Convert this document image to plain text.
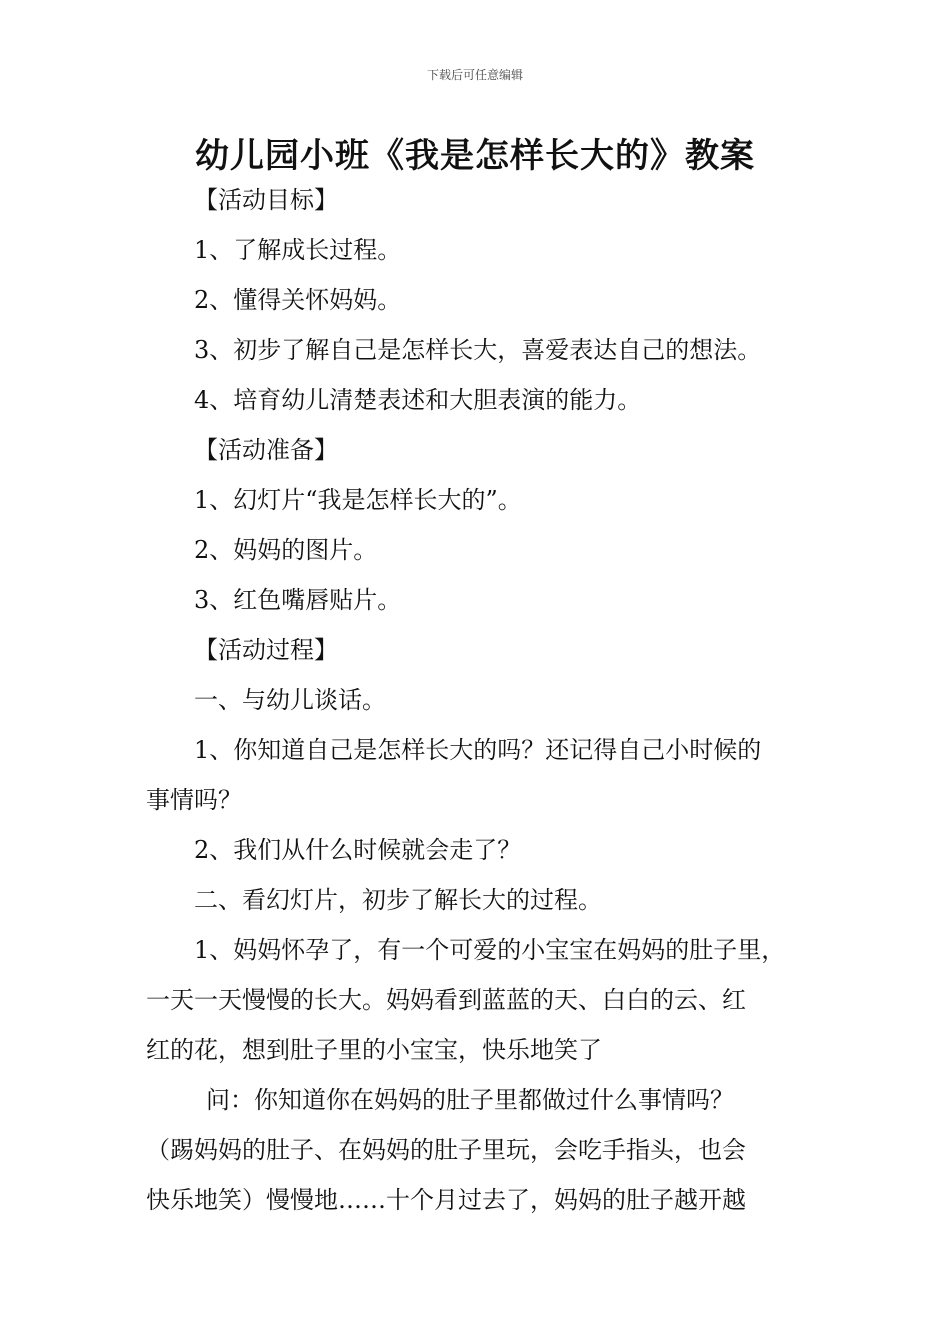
下载后可任意编辑
幼儿园小班《我是怎样长大的》教案
【活动目标】
1、了解成长过程。
2、懂得关怀妈妈。
3、初步了解自己是怎样长大，喜爱表达自己的想法。
4、培育幼儿清楚表述和大胆表演的能力。
【活动准备】
1、幻灯片“我是怎样长大的”。
2、妈妈的图片。
3、红色嘴唇贴片。
【活动过程】
一、与幼儿谈话。
1、你知道自己是怎样长大的吗？还记得自己小时候的
事情吗？
2、我们从什么时候就会走了？
二、看幻灯片，初步了解长大的过程。
1、妈妈怀孕了，有一个可爱的小宝宝在妈妈的肚子里，
一天一天慢慢的长大。妈妈看到蓝蓝的天、白白的云、红
红的花，想到肚子里的小宝宝，快乐地笑了
问：你知道你在妈妈的肚子里都做过什么事情吗？
（踢妈妈的肚子、在妈妈的肚子里玩，会吃手指头，也会
快乐地笑）慢慢地……十个月过去了，妈妈的肚子越开越
